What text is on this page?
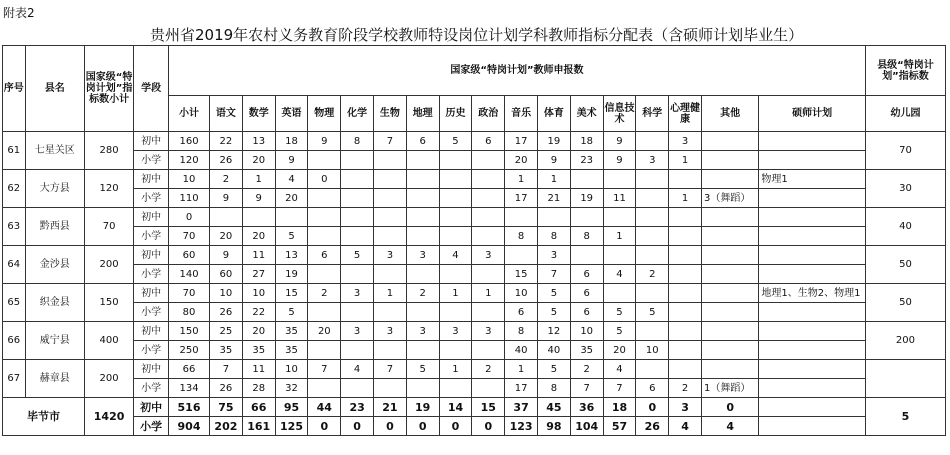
附表2
贵州省2019年农村义务教育阶段学校教师特设岗位计划学科教师指标分配表（含硕师计划毕业生）
序号	县名	国家级“特岗计划”指标数小计	学段	国家级“特岗计划”教师申报数																		县级“特岗计划”指标数
				小计	语文	数学	英语	物理	化学	生物	地理	历史	政治	音乐	体育	美术	信息技术	科学	心理健康	其他	硕师计划	幼儿园
61	七星关区	280	初中	160	22	13	18	9	8	7	6	5	6	17	19	18	9		3			70
			小学	120	26	20	9							20	9	23	9	3	1			
62	大方县	120	初中	10	2	1	4	0						1	1						物理1	30
			小学	110	9	9	20							17	21	19	11		1	3（舞蹈）		
63	黔西县	70	初中	0																		40
			小学	70	20	20	5							8	8	8	1					
64	金沙县	200	初中	60	9	11	13	6	5	3	3	4	3		3							50
			小学	140	60	27	19							15	7	6	4	2				
65	织金县	150	初中	70	10	10	15	2	3	1	2	1	1	10	5	6					地理1、生物2、物理1	50
			小学	80	26	22	5							6	5	6	5	5				
66	威宁县	400	初中	150	25	20	35	20	3	3	3	3	3	8	12	10	5					200
			小学	250	35	35	35							40	40	35	20	10				
67	赫章县	200	初中	66	7	11	10	7	4	7	5	1	2	1	5	2	4					
			小学	134	26	28	32							17	8	7	7	6	2	1（舞蹈）		
毕节市		1420	初中	516	75	66	95	44	23	21	19	14	15	37	45	36	18	0	3	0		5
			小学	904	202	161	125	0	0	0	0	0	0	123	98	104	57	26	4	4		
